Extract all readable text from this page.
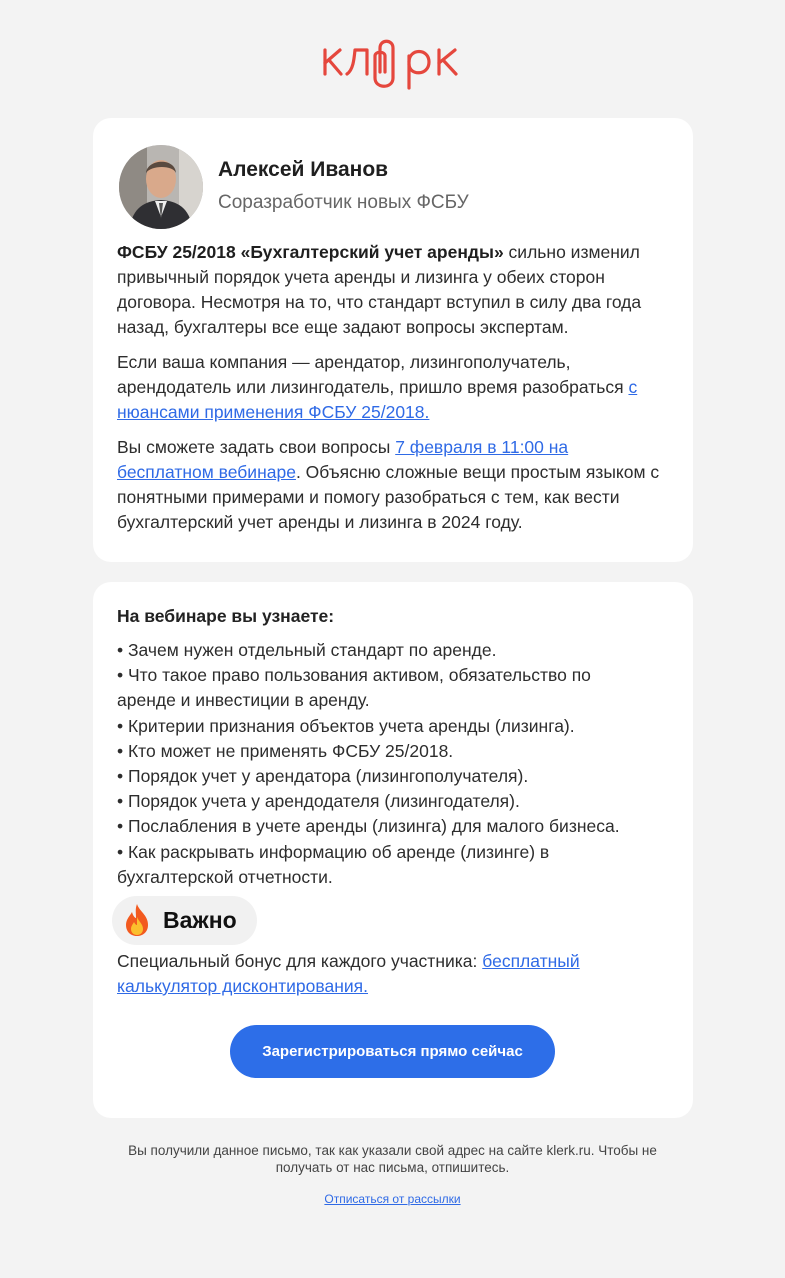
Алексей Иванов
Соразработчик новых ФСБУ
ФСБУ 25/2018 «Бухгалтерский учет аренды» сильно изменил привычный порядок учета аренды и лизинга у обеих сторон договора. Несмотря на то, что стандарт вступил в силу два года назад, бухгалтеры все еще задают вопросы экспертам.
Если ваша компания — арендатор, лизингополучатель, арендодатель или лизингодатель, пришло время разобраться с нюансами применения ФСБУ 25/2018.
Вы сможете задать свои вопросы 7 февраля в 11:00 на бесплатном вебинаре. Объясню сложные вещи простым языком с понятными примерами и помогу разобраться с тем, как вести бухгалтерский учет аренды и лизинга в 2024 году.
На вебинаре вы узнаете:
• Зачем нужен отдельный стандарт по аренде.
• Что такое право пользования активом, обязательство по аренде и инвестиции в аренду.
• Критерии признания объектов учета аренды (лизинга).
• Кто может не применять ФСБУ 25/2018.
• Порядок учет у арендатора (лизингополучателя).
• Порядок учета у арендодателя (лизингодателя).
• Послабления в учете аренды (лизинга) для малого бизнеса.
• Как раскрывать информацию об аренде (лизинге) в бухгалтерской отчетности.
Важно
Специальный бонус для каждого участника: бесплатный калькулятор дисконтирования.
Зарегистрироваться прямо сейчас
Вы получили данное письмо, так как указали свой адрес на сайте klerk.ru. Чтобы не получать от нас письма, отпишитесь.
Отписаться от рассылки
